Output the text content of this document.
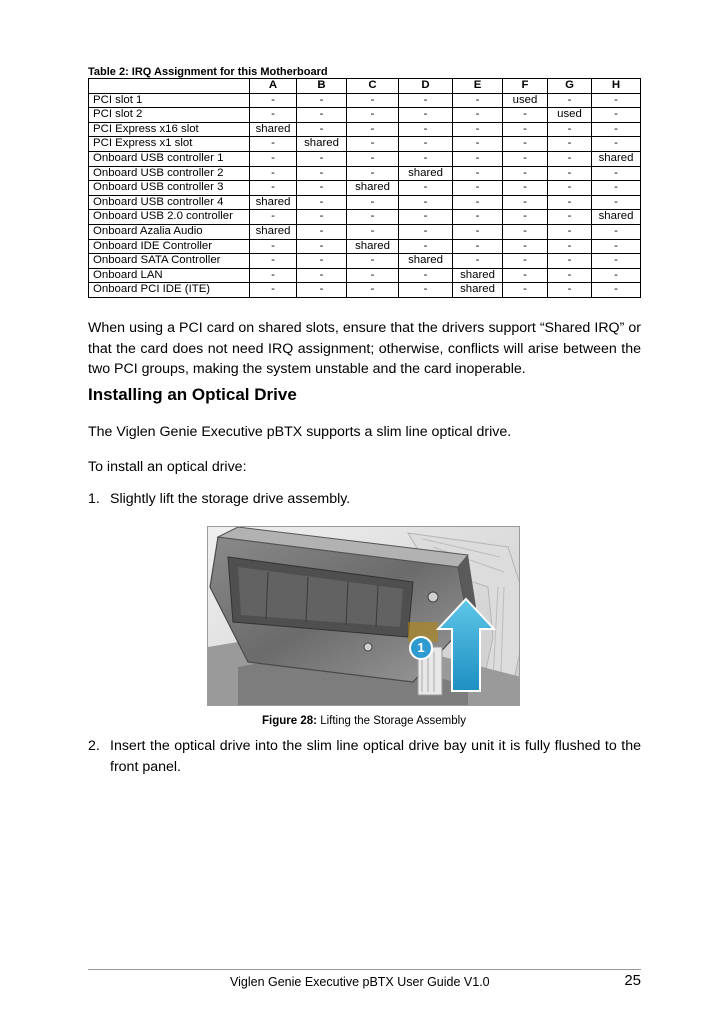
Table 2: IRQ Assignment for this Motherboard
	A	B	C	D	E	F	G	H
PCI slot 1	-	-	-	-	-	used	-	-
PCI slot 2	-	-	-	-	-	-	used	-
PCI Express x16 slot	shared	-	-	-	-	-	-	-
PCI Express x1 slot	-	shared	-	-	-	-	-	-
Onboard USB controller 1	-	-	-	-	-	-	-	shared
Onboard USB controller 2	-	-	-	shared	-	-	-	-
Onboard USB controller 3	-	-	shared	-	-	-	-	-
Onboard USB controller 4	shared	-	-	-	-	-	-	-
Onboard USB 2.0 controller	-	-	-	-	-	-	-	shared
Onboard Azalia Audio	shared	-	-	-	-	-	-	-
Onboard IDE Controller	-	-	shared	-	-	-	-	-
Onboard SATA Controller	-	-	-	shared	-	-	-	-
Onboard LAN	-	-	-	-	shared	-	-	-
Onboard PCI IDE (ITE)	-	-	-	-	shared	-	-	-
When using a PCI card on shared slots, ensure that the drivers support “Shared IRQ” or that the card does not need IRQ assignment; otherwise, conflicts will arise between the two PCI groups, making the system unstable and the card inoperable.
Installing an Optical Drive
The Viglen Genie Executive pBTX supports a slim line optical drive.
To install an optical drive:
1. Slightly lift the storage drive assembly.
1
Figure 28: Lifting the Storage Assembly
2. Insert the optical drive into the slim line optical drive bay unit it is fully flushed to the front panel.
Viglen Genie Executive pBTX User Guide V1.0	25
